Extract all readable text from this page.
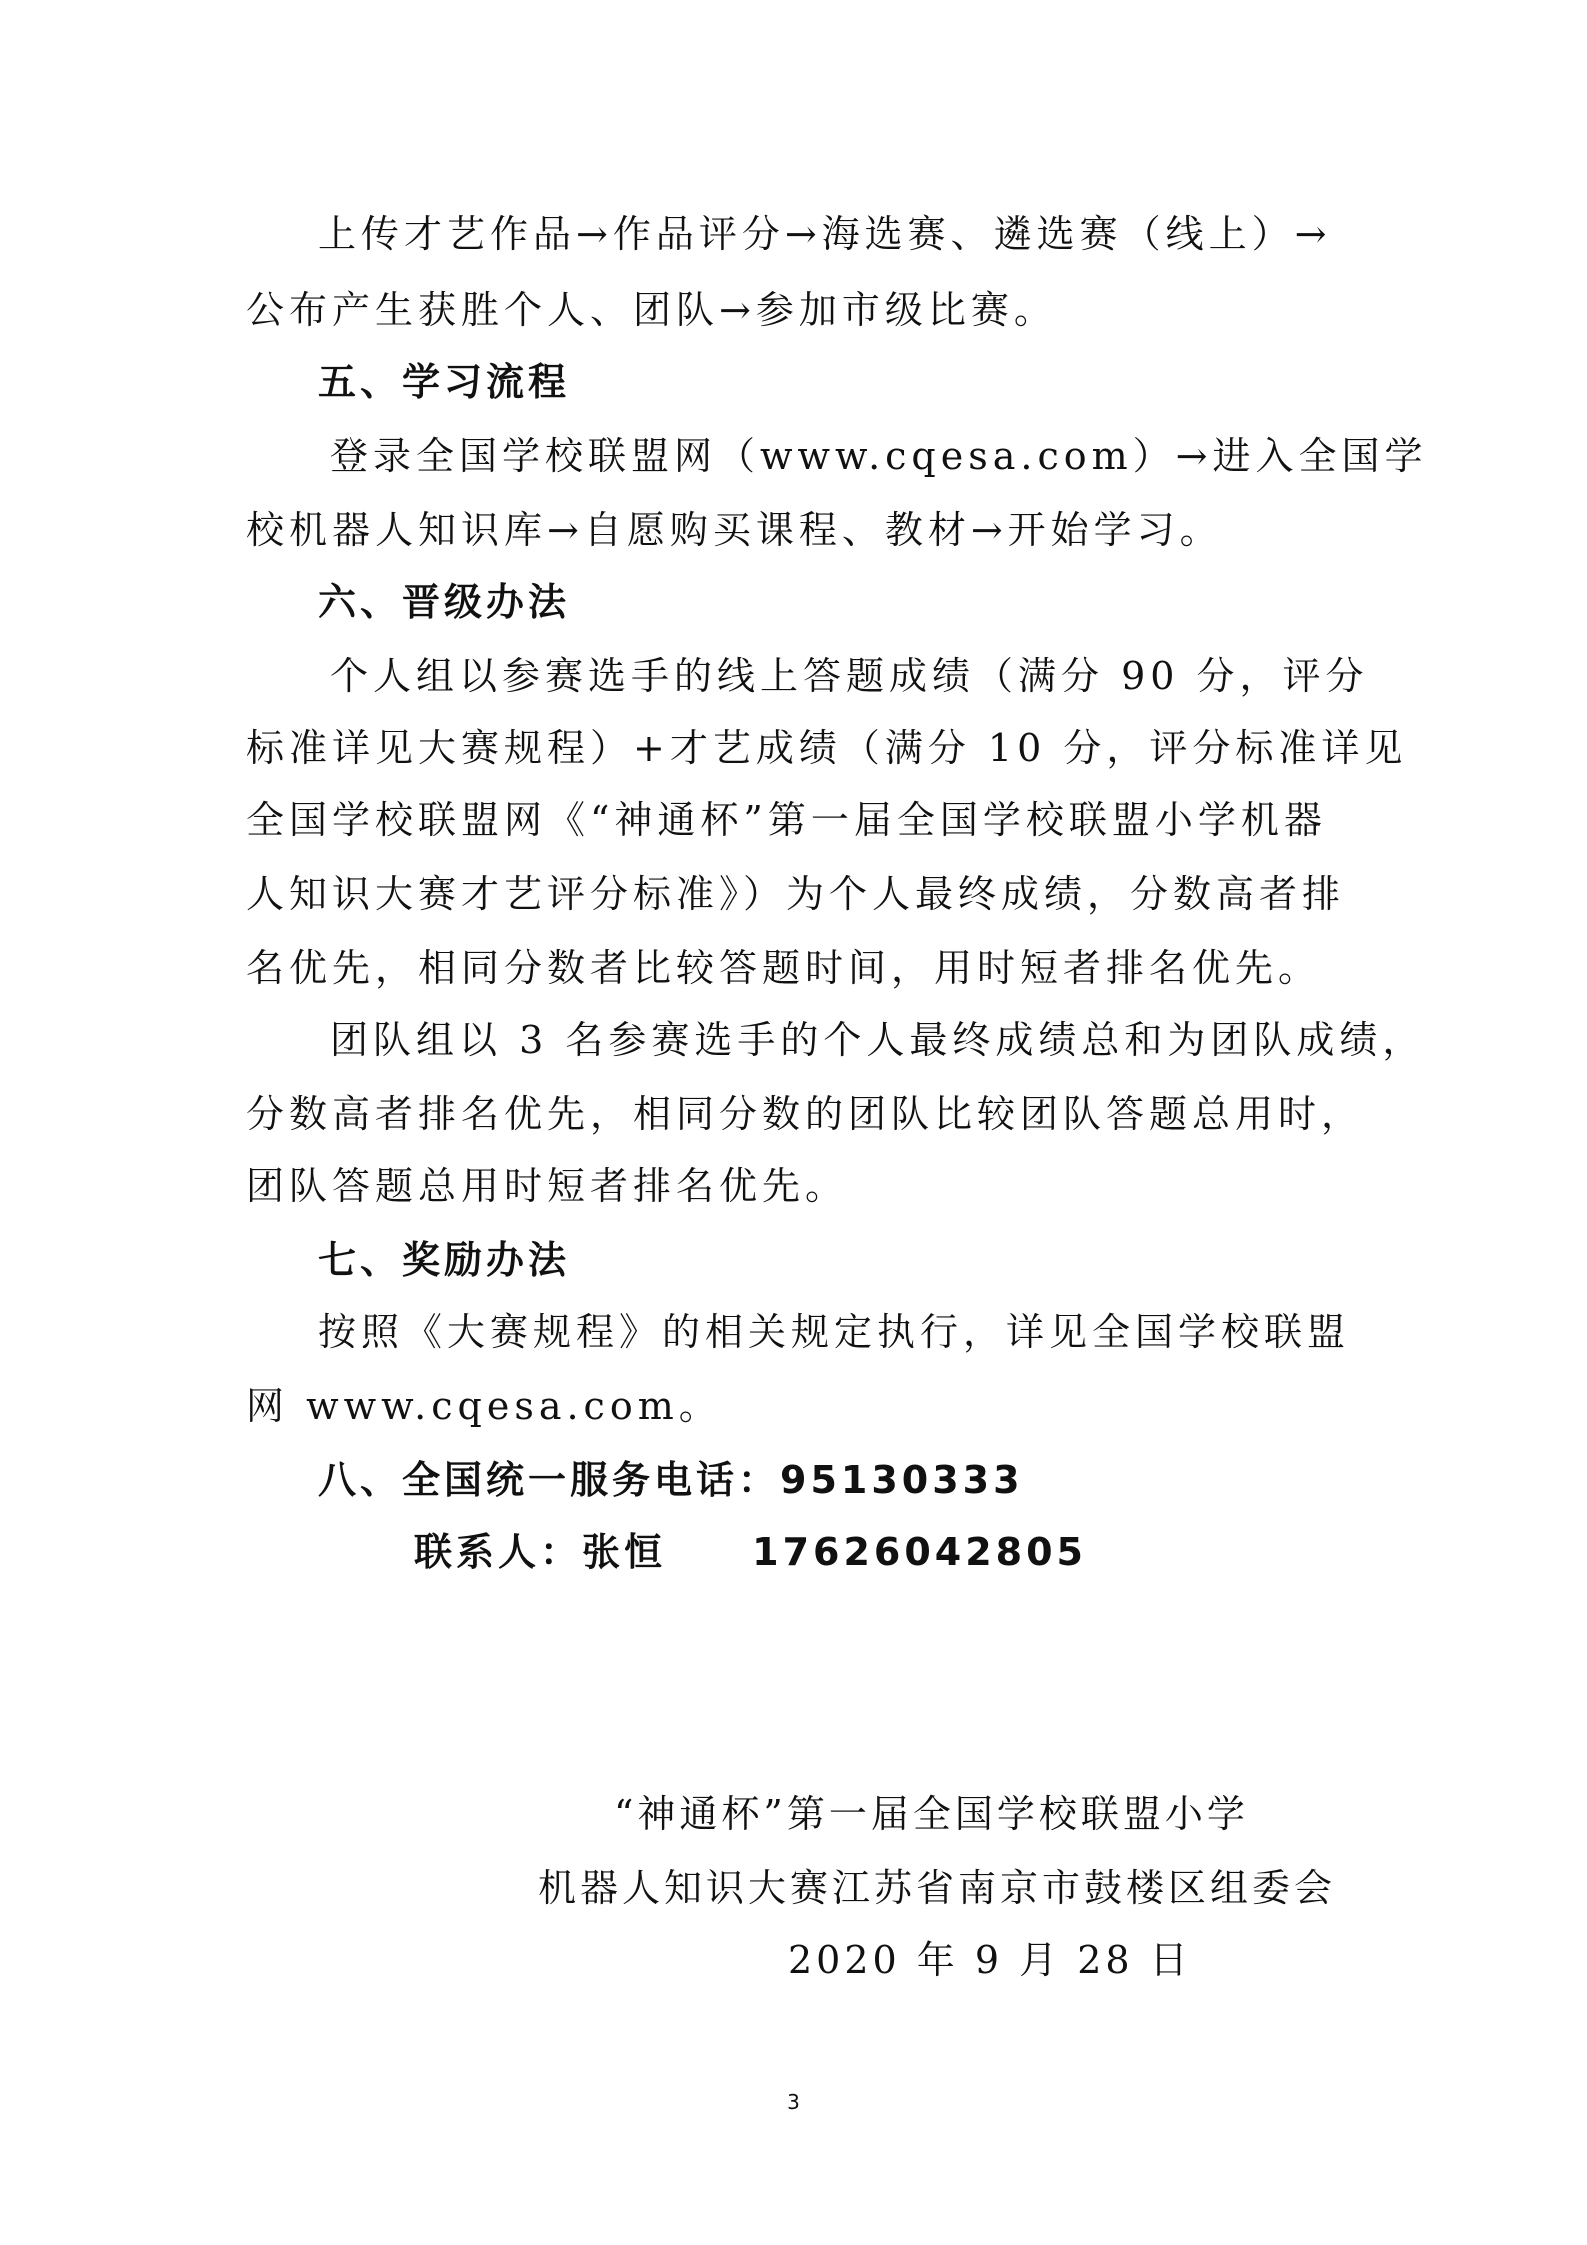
上传才艺作品→作品评分→海选赛、遴选赛（线上）→
公布产生获胜个人、团队→参加市级比赛。
五、学习流程
登录全国学校联盟网（www.cqesa.com）→进入全国学
校机器人知识库→自愿购买课程、教材→开始学习。
六、晋级办法
个人组以参赛选手的线上答题成绩（满分 90 分，评分
标准详见大赛规程）+才艺成绩（满分 10 分，评分标准详见
全国学校联盟网《“神通杯”第一届全国学校联盟小学机器
人知识大赛才艺评分标准》）为个人最终成绩，分数高者排
名优先，相同分数者比较答题时间，用时短者排名优先。
团队组以 3 名参赛选手的个人最终成绩总和为团队成绩，
分数高者排名优先，相同分数的团队比较团队答题总用时，
团队答题总用时短者排名优先。
七、奖励办法
按照《大赛规程》的相关规定执行，详见全国学校联盟
网 www.cqesa.com。
八、全国统一服务电话：95130333
联系人：张恒     17626042805
“神通杯”第一届全国学校联盟小学
机器人知识大赛江苏省南京市鼓楼区组委会
2020 年 9 月 28 日
3
